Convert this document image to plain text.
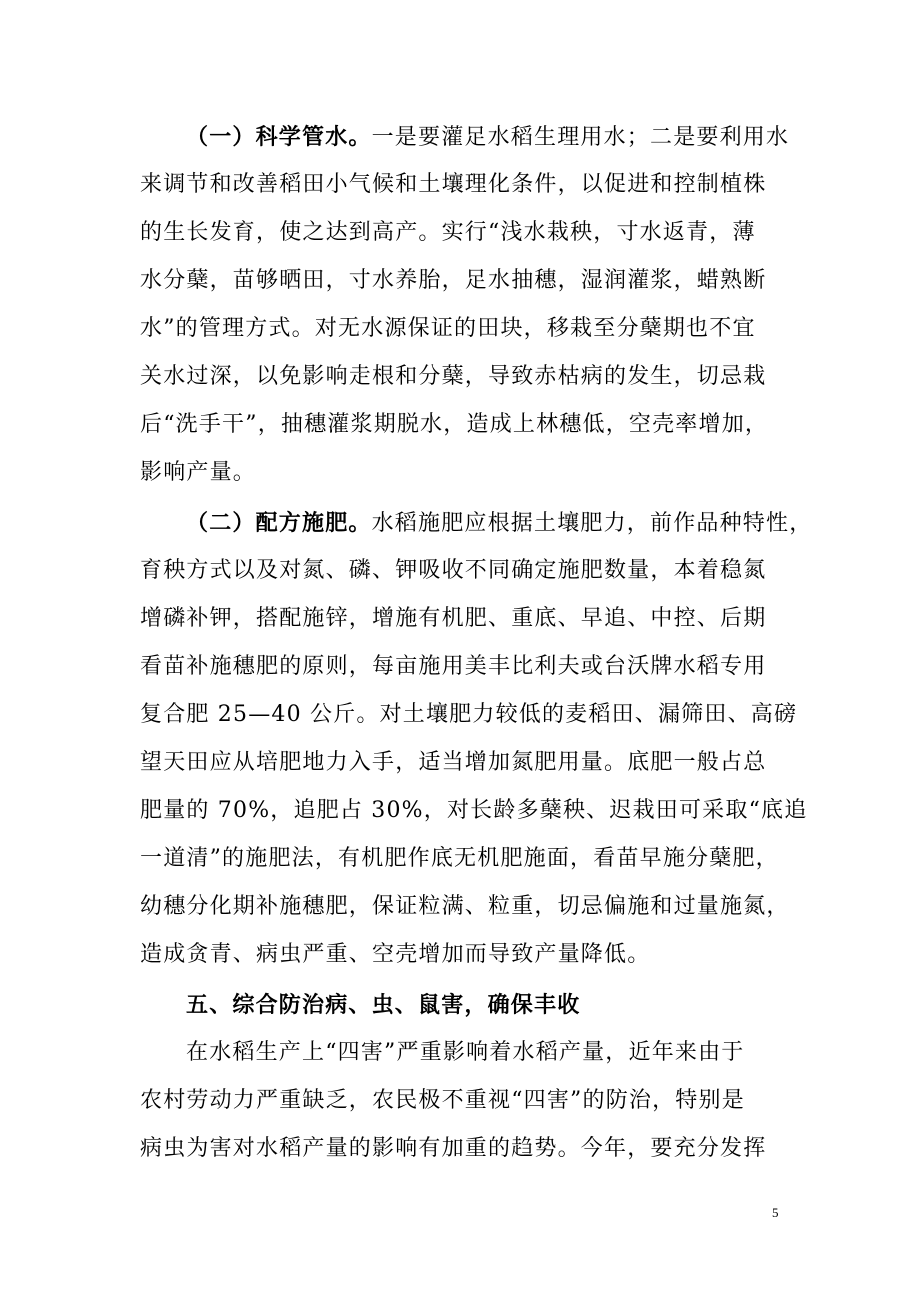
（一）科学管水。一是要灌足水稻生理用水；二是要利用水
来调节和改善稻田小气候和土壤理化条件，以促进和控制植株
的生长发育，使之达到高产。实行“浅水栽秧，寸水返青，薄
水分蘖，苗够晒田，寸水养胎，足水抽穗，湿润灌浆，蜡熟断
水”的管理方式。对无水源保证的田块，移栽至分蘖期也不宜
关水过深，以免影响走根和分蘖，导致赤枯病的发生，切忌栽
后“洗手干”，抽穗灌浆期脱水，造成上林穗低，空壳率增加，
影响产量。
（二）配方施肥。水稻施肥应根据土壤肥力，前作品种特性，
育秧方式以及对氮、磷、钾吸收不同确定施肥数量，本着稳氮
增磷补钾，搭配施锌，增施有机肥、重底、早追、中控、后期
看苗补施穗肥的原则，每亩施用美丰比利夫或台沃牌水稻专用
复合肥 25—40 公斤。对土壤肥力较低的麦稻田、漏筛田、高磅
望天田应从培肥地力入手，适当增加氮肥用量。底肥一般占总
肥量的 70%，追肥占 30%，对长龄多蘖秧、迟栽田可采取“底追
一道清”的施肥法，有机肥作底无机肥施面，看苗早施分蘖肥，
幼穗分化期补施穗肥，保证粒满、粒重，切忌偏施和过量施氮，
造成贪青、病虫严重、空壳增加而导致产量降低。
五、综合防治病、虫、鼠害，确保丰收
在水稻生产上“四害”严重影响着水稻产量，近年来由于
农村劳动力严重缺乏，农民极不重视“四害”的防治，特别是
病虫为害对水稻产量的影响有加重的趋势。今年，要充分发挥
5
